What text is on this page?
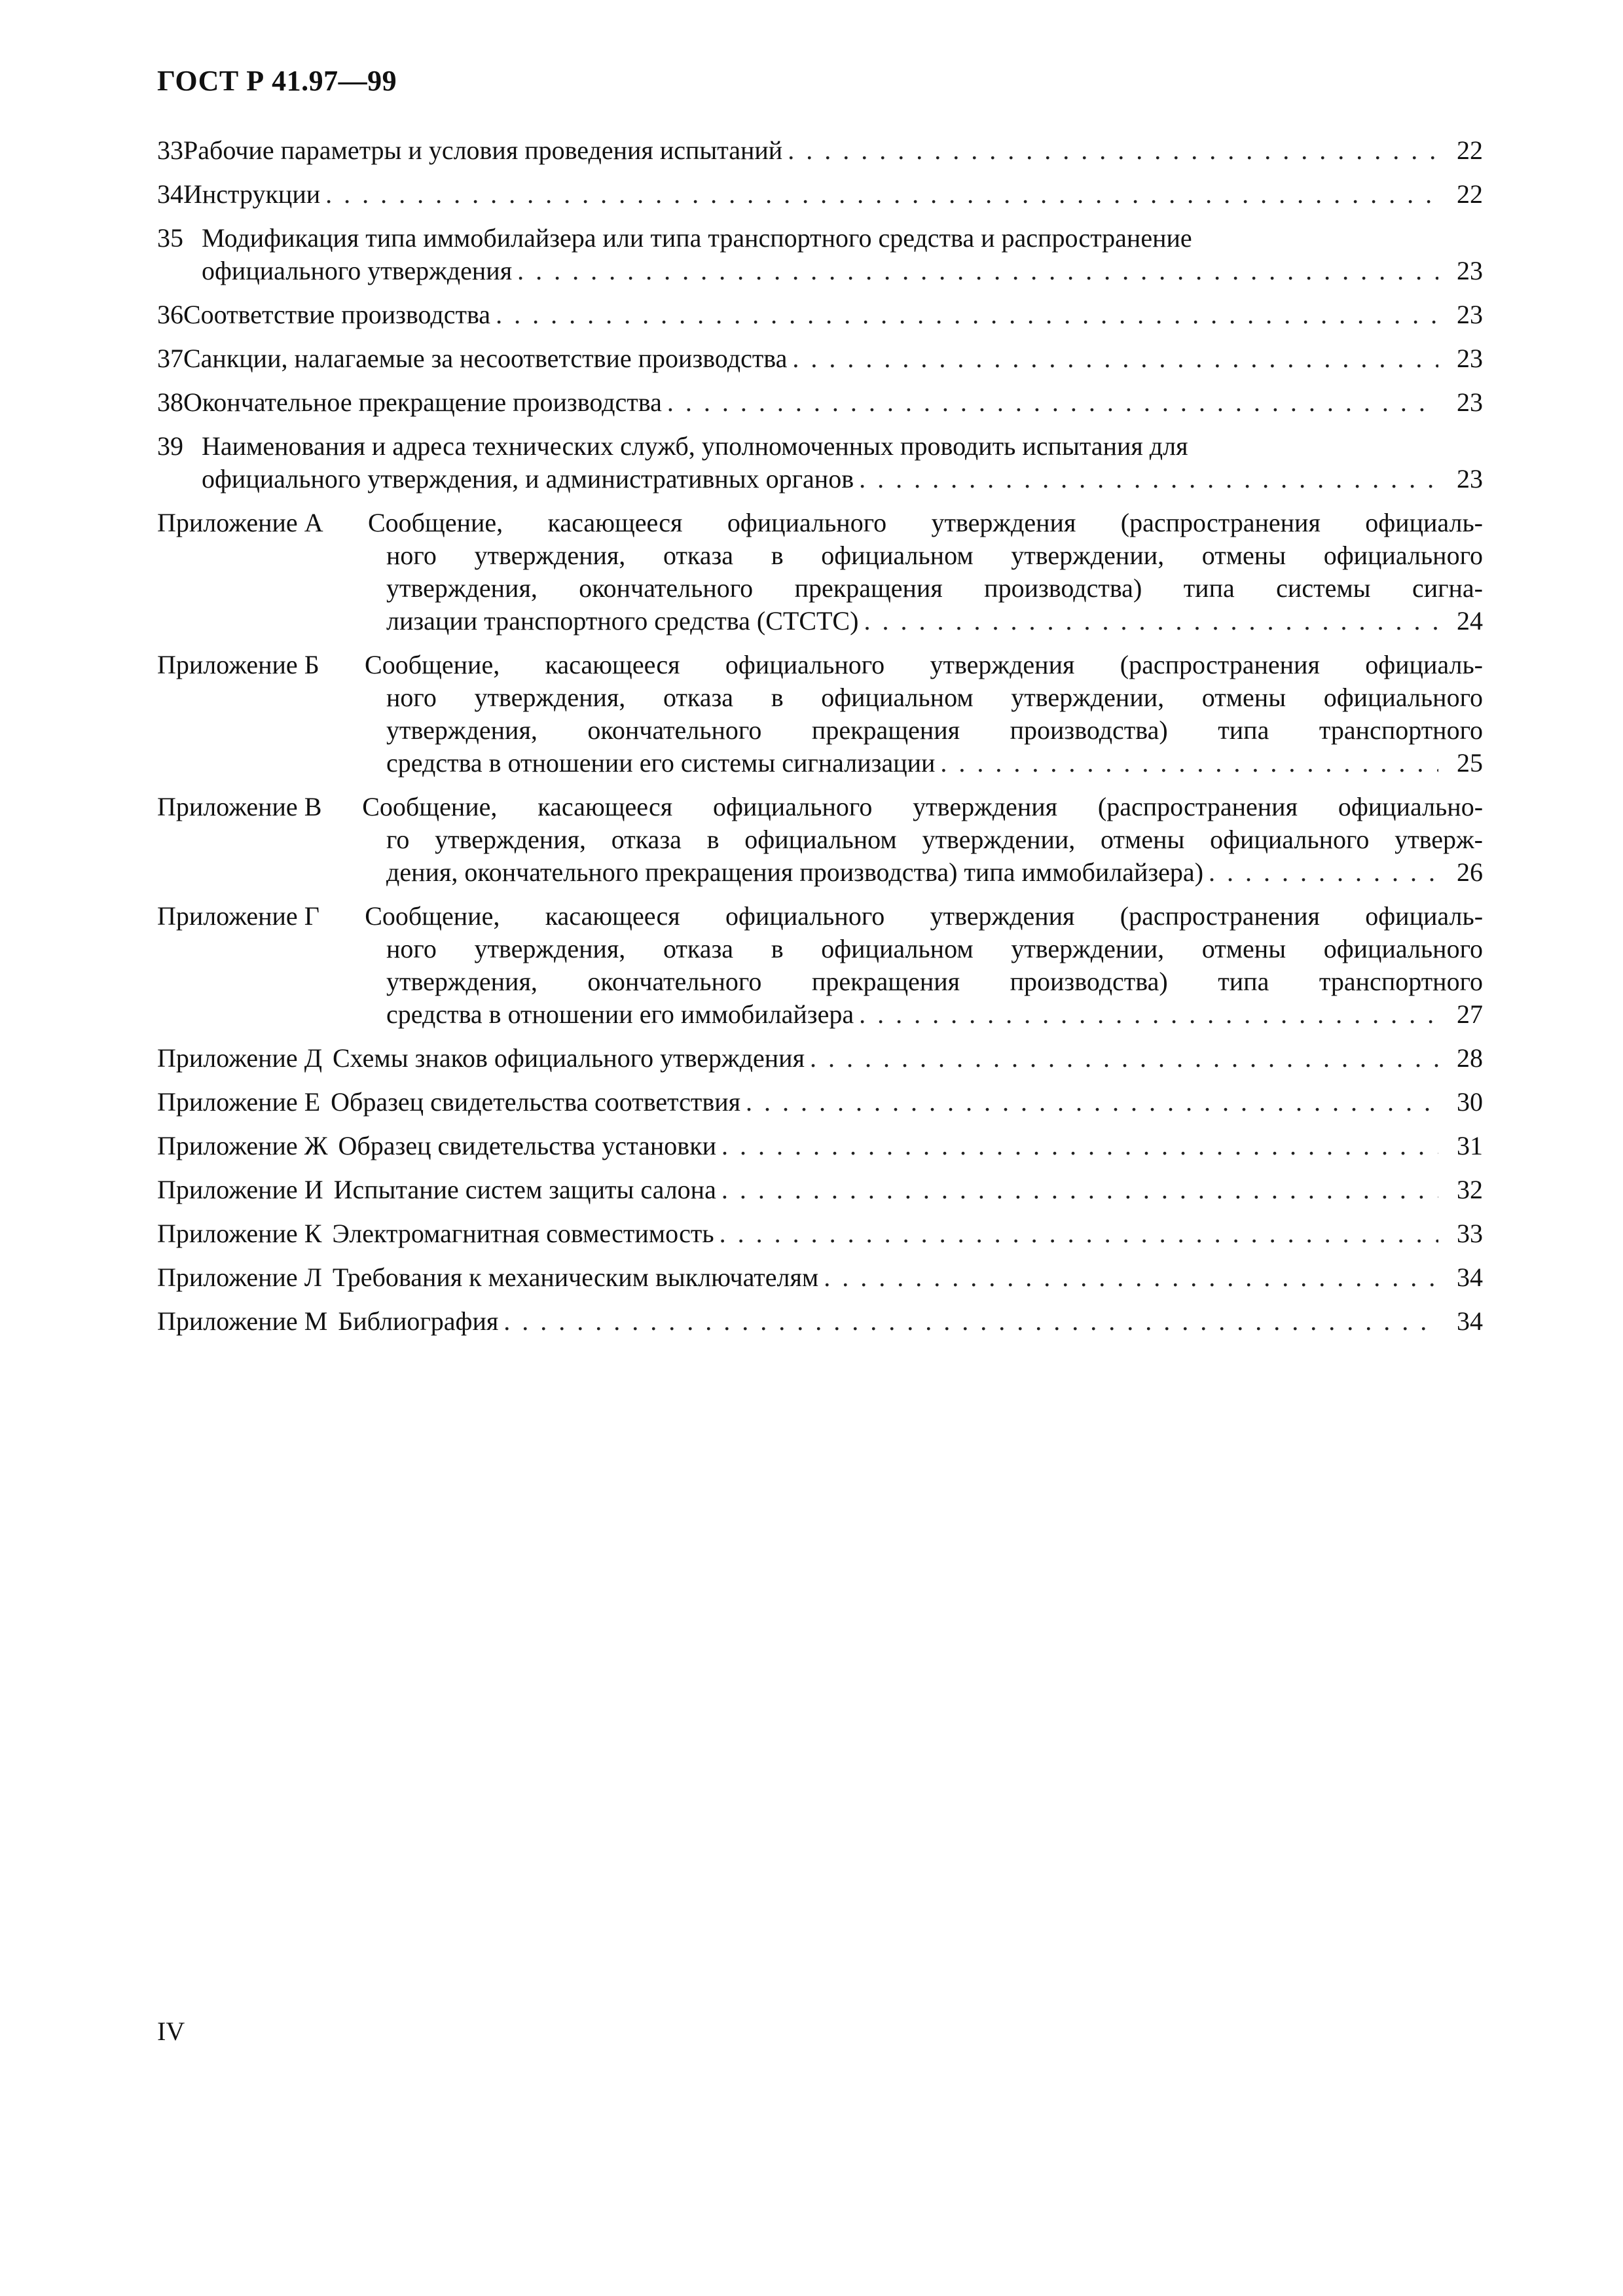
ГОСТ Р 41.97—99
33 Рабочие параметры и условия проведения испытаний . . .	22
34 Инструкции . . .	22
35 Модификация типа иммобилайзера или типа транспортного средства и распространение
официального утверждения . . .	23
36 Соответствие производства . . .	23
37 Санкции, налагаемые за несоответствие производства . . .	23
38 Окончательное прекращение производства . . .	23
39 Наименования и адреса технических служб, уполномоченных проводить испытания для
официального утверждения, и административных органов . . .	23
Приложение А Сообщение, касающееся официального утверждения (распространения официаль-
ного утверждения, отказа в официальном утверждении, отмены официального
утверждения, окончательного прекращения производства) типа системы сигна-
лизации транспортного средства (СТСТС) . . .	24
Приложение Б Сообщение, касающееся официального утверждения (распространения официаль-
ного утверждения, отказа в официальном утверждении, отмены официального
утверждения, окончательного прекращения производства) типа транспортного
средства в отношении его системы сигнализации . . .	25
Приложение В Сообщение, касающееся официального утверждения (распространения официально-
го утверждения, отказа в официальном утверждении, отмены официального утверж-
дения, окончательного прекращения производства) типа иммобилайзера) . . .	26
Приложение Г Сообщение, касающееся официального утверждения (распространения официаль-
ного утверждения, отказа в официальном утверждении, отмены официального
утверждения, окончательного прекращения производства) типа транспортного
средства в отношении его иммобилайзера . . .	27
Приложение Д Схемы знаков официального утверждения . . .	28
Приложение Е Образец свидетельства соответствия . . .	30
Приложение Ж Образец свидетельства установки . . .	31
Приложение И Испытание систем защиты салона . . .	32
Приложение К Электромагнитная совместимость . . .	33
Приложение Л Требования к механическим выключателям . . .	34
Приложение М Библиография . . .	34
IV
